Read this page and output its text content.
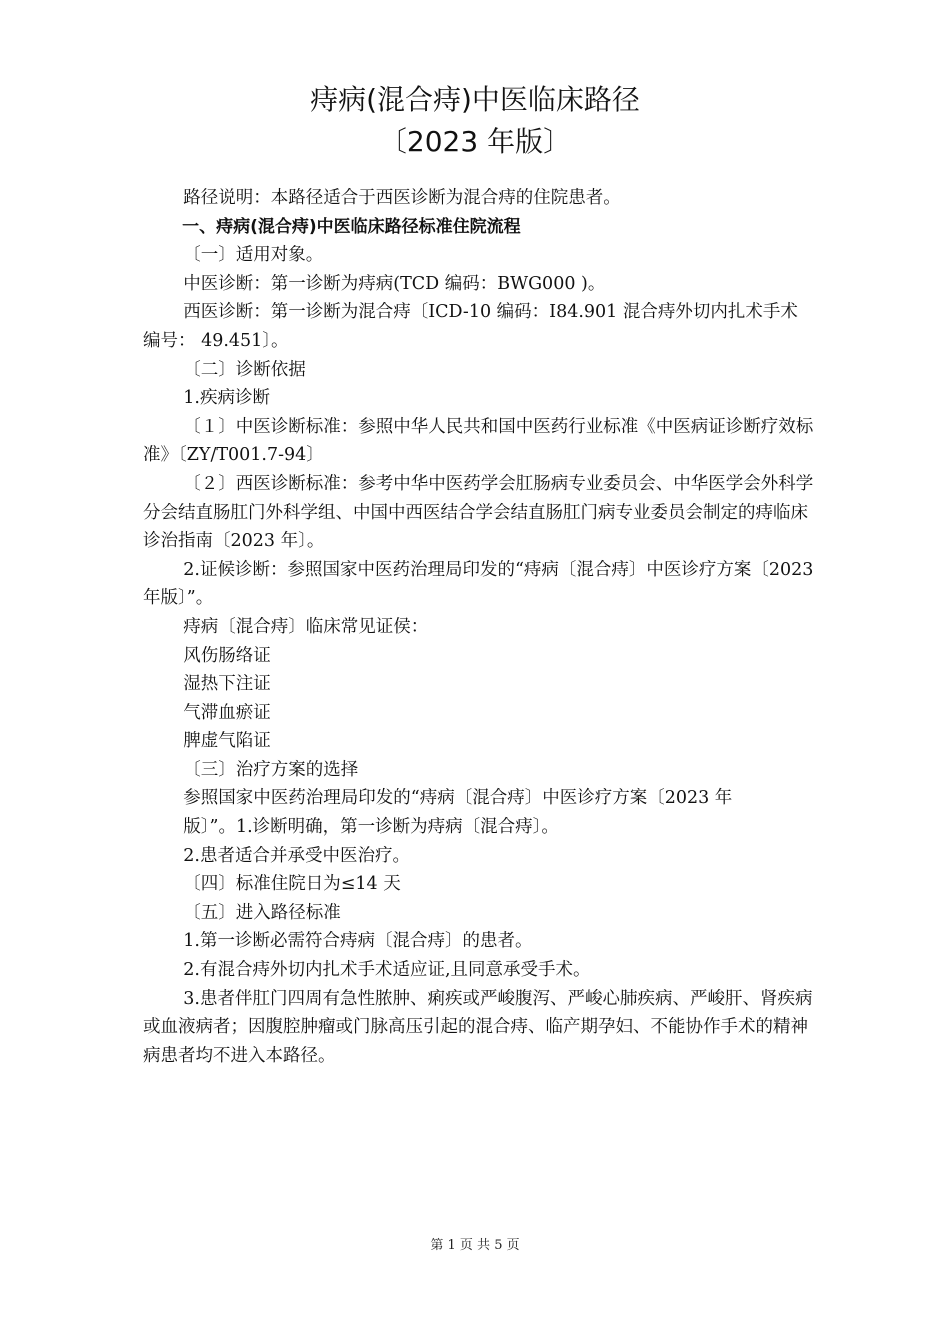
痔病(混合痔)中医临床路径
〔2023 年版〕

路径说明：本路径适合于西医诊断为混合痔的住院患者。

一、痔病(混合痔)中医临床路径标准住院流程

〔一〕适用对象。

中医诊断：第一诊断为痔病(TCD 编码：BWG000 )。

西医诊断：第一诊断为混合痔〔ICD-10 编码：I84.901 混合痔外切内扎术手术编号： 49.451〕。

〔二〕诊断依据

1.疾病诊断

〔１〕中医诊断标准：参照中华人民共和国中医药行业标准《中医病证诊断疗效标准》〔ZY/T001.7-94〕

〔２〕西医诊断标准：参考中华中医药学会肛肠病专业委员会、中华医学会外科学分会结直肠肛门外科学组、中国中西医结合学会结直肠肛门病专业委员会制定的痔临床诊治指南〔2023 年〕。

2.证候诊断：参照国家中医药治理局印发的“痔病〔混合痔〕中医诊疗方案〔2023 年版〕”。

痔病〔混合痔〕临床常见证侯：

风伤肠络证

湿热下注证

气滞血瘀证

脾虚气陷证

〔三〕治疗方案的选择

参照国家中医药治理局印发的“痔病〔混合痔〕中医诊疗方案〔2023 年

版〕”。1.诊断明确，第一诊断为痔病〔混合痔〕。

2.患者适合并承受中医治疗。

〔四〕标准住院日为≤14 天

〔五〕进入路径标准

1.第一诊断必需符合痔病〔混合痔〕的患者。

2.有混合痔外切内扎术手术适应证,且同意承受手术。

3.患者伴肛门四周有急性脓肿、痢疾或严峻腹泻、严峻心肺疾病、严峻肝、肾疾病或血液病者；因腹腔肿瘤或门脉高压引起的混合痔、临产期孕妇、不能协作手术的精神病患者均不进入本路径。

第 1 页 共 5 页
